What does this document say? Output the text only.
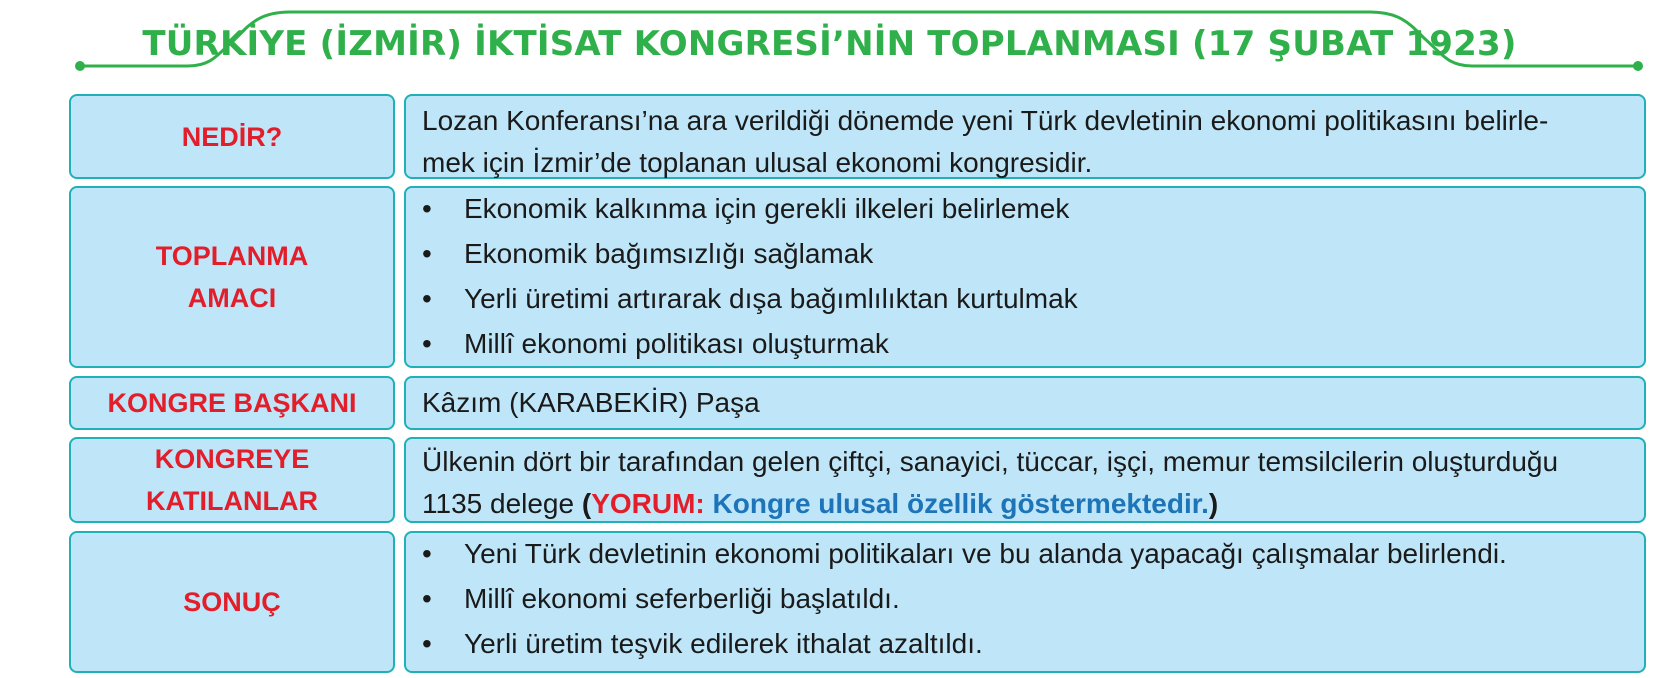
TÜRKİYE (İZMİR) İKTİSAT KONGRESİ’NİN TOPLANMASI (17 ŞUBAT 1923)
NEDİR?
Lozan Konferansı’na ara verildiği dönemde yeni Türk devletinin ekonomi politikasını belirle-
mek için İzmir’de toplanan ulusal ekonomi kongresidir.
TOPLANMA
AMACI
• Ekonomik kalkınma için gerekli ilkeleri belirlemek
• Ekonomik bağımsızlığı sağlamak
• Yerli üretimi artırarak dışa bağımlılıktan kurtulmak
• Millî ekonomi politikası oluşturmak
KONGRE BAŞKANI Kâzım (KARABEKİR) Paşa
KONGREYE
KATILANLAR
Ülkenin dört bir tarafından gelen çiftçi, sanayici, tüccar, işçi, memur temsilcilerin oluşturduğu
1135 delege (YORUM: Kongre ulusal özellik göstermektedir.)
SONUÇ
• Yeni Türk devletinin ekonomi politikaları ve bu alanda yapacağı çalışmalar belirlendi.
• Millî ekonomi seferberliği başlatıldı.
• Yerli üretim teşvik edilerek ithalat azaltıldı.
